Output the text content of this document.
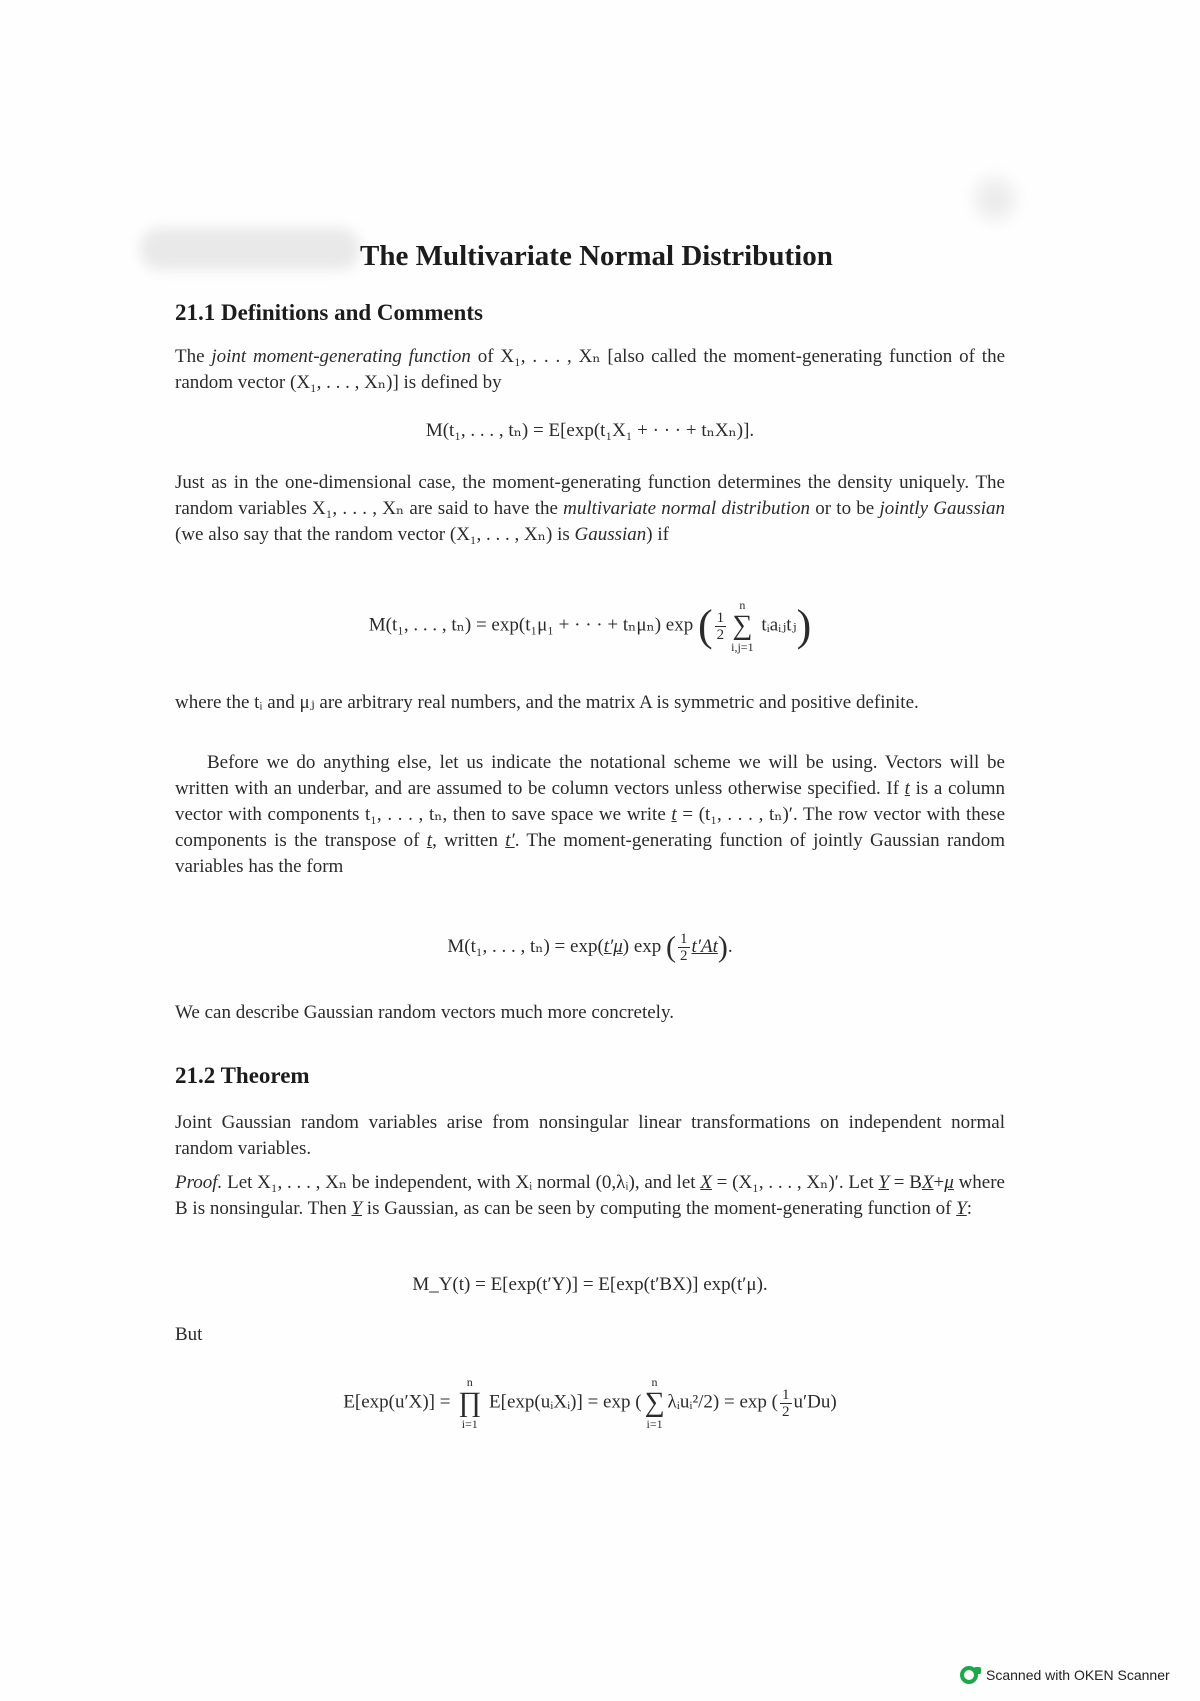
The Multivariate Normal Distribution
21.1 Definitions and Comments

The joint moment-generating function of X₁, . . . , Xₙ [also called the moment-generating function of the random vector (X₁, . . . , Xₙ)] is defined by

M(t₁, . . . , tₙ) = E[exp(t₁X₁ + · · · + tₙXₙ)].

Just as in the one-dimensional case, the moment-generating function determines the density uniquely. The random variables X₁, . . . , Xₙ are said to have the multivariate normal distribution or to be jointly Gaussian (we also say that the random vector (X₁, . . . , Xₙ) is Gaussian) if

M(t₁, . . . , tₙ) = exp(t₁μ₁ + · · · + tₙμₙ) exp ( $\frac{1}{2}$
n
∑
i,j=1
tᵢaᵢⱼtⱼ)

where the tᵢ and μⱼ are arbitrary real numbers, and the matrix A is symmetric and positive definite.

Before we do anything else, let us indicate the notational scheme we will be using. Vectors will be written with an underbar, and are assumed to be column vectors unless otherwise specified. If t is a column vector with components t₁, . . . , tₙ, then to save space we write t = (t₁, . . . , tₙ)′. The row vector with these components is the transpose of t, written t′. The moment-generating function of jointly Gaussian random variables has the form

M(t₁, . . . , tₙ) = exp(t′μ) exp ( $\frac{1}{2} t'At$).

We can describe Gaussian random vectors much more concretely.

21.2 Theorem

Joint Gaussian random variables arise from nonsingular linear transformations on independent normal random variables.

Proof. Let X₁, . . . , Xₙ be independent, with Xᵢ normal (0,λᵢ), and let X = (X₁, . . . , Xₙ)′. Let Y = BX+μ where B is nonsingular. Then Y is Gaussian, as can be seen by computing the moment-generating function of Y:

M_Y(t) = E[exp(t′Y)] = E[exp(t′BX)] exp(t′μ).

But

E[exp(u′X)] =
n
∏
i=1
E[exp(uᵢXᵢ)] = exp (
n
∑
i=1
λᵢuᵢ²/2) = exp ( $\frac{1}{2} u'Du$)

Scanned with OKEN Scanner
